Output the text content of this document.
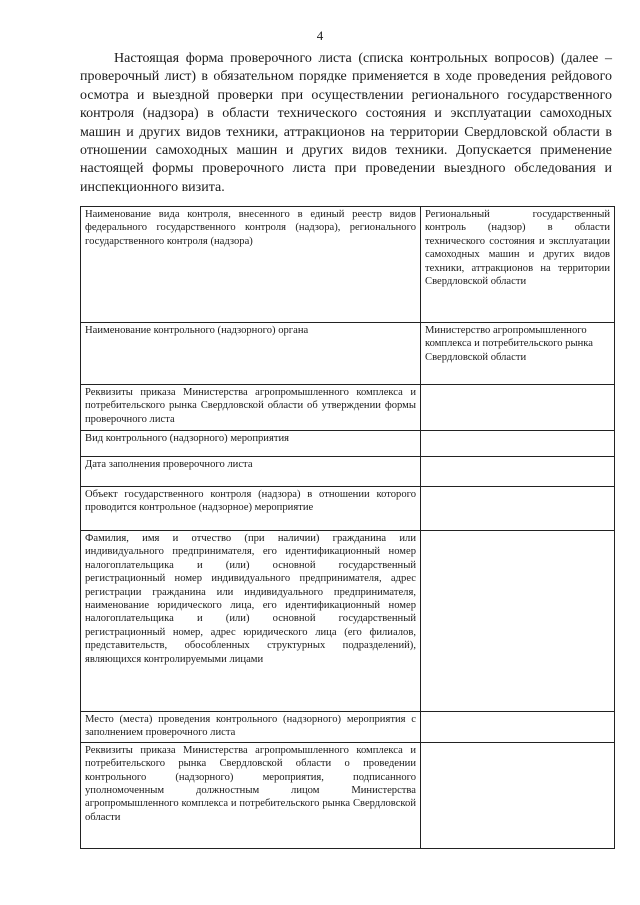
4

Настоящая форма проверочного листа (списка контрольных вопросов) (далее – проверочный лист) в обязательном порядке применяется в ходе проведения рейдового осмотра и выездной проверки при осуществлении регионального государственного контроля (надзора) в области технического состояния и эксплуатации самоходных машин и других видов техники, аттракционов на территории Свердловской области в отношении самоходных машин и других видов техники. Допускается применение настоящей формы проверочного листа при проведении выездного обследования и инспекционного визита.

Наименование вида контроля, внесенного в единый реестр видов федерального государственного контроля (надзора), регионального государственного контроля (надзора)	Региональный государственный контроль (надзор) в области технического состояния и эксплуатации самоходных машин и других видов техники, аттракционов на территории Свердловской области
Наименование контрольного (надзорного) органа	Министерство агропромышленного комплекса и потребительского рынка Свердловской области
Реквизиты приказа Министерства агропромышленного комплекса и потребительского рынка Свердловской области об утверждении формы проверочного листа	
Вид контрольного (надзорного) мероприятия	
Дата заполнения проверочного листа	
Объект государственного контроля (надзора) в отношении которого проводится контрольное (надзорное) мероприятие	
Фамилия, имя и отчество (при наличии) гражданина или индивидуального предпринимателя, его идентификационный номер налогоплательщика и (или) основной государственный регистрационный номер индивидуального предпринимателя, адрес регистрации гражданина или индивидуального предпринимателя, наименование юридического лица, его идентификационный номер налогоплательщика и (или) основной государственный регистрационный номер, адрес юридического лица (его филиалов, представительств, обособленных структурных подразделений), являющихся контролируемыми лицами	
Место (места) проведения контрольного (надзорного) мероприятия с заполнением проверочного листа	
Реквизиты приказа Министерства агропромышленного комплекса и потребительского рынка Свердловской области о проведении контрольного (надзорного) мероприятия, подписанного уполномоченным должностным лицом Министерства агропромышленного комплекса и потребительского рынка Свердловской области	
